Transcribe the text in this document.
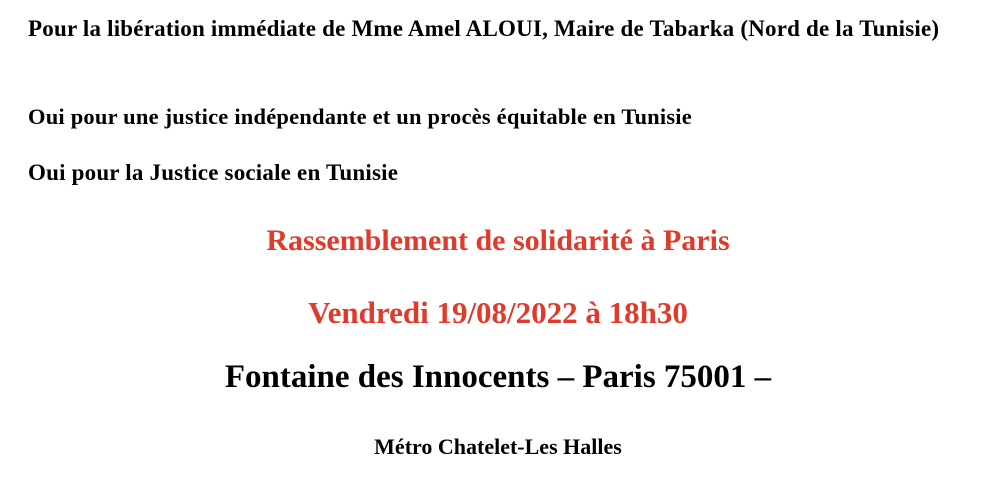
Pour la libération immédiate de Mme Amel ALOUI, Maire de Tabarka (Nord de la Tunisie)

Oui pour une justice indépendante et un procès équitable en Tunisie

Oui pour la Justice sociale en Tunisie

Rassemblement de solidarité à Paris

Vendredi 19/08/2022 à 18h30

Fontaine des Innocents – Paris 75001 –

Métro Chatelet-Les Halles
